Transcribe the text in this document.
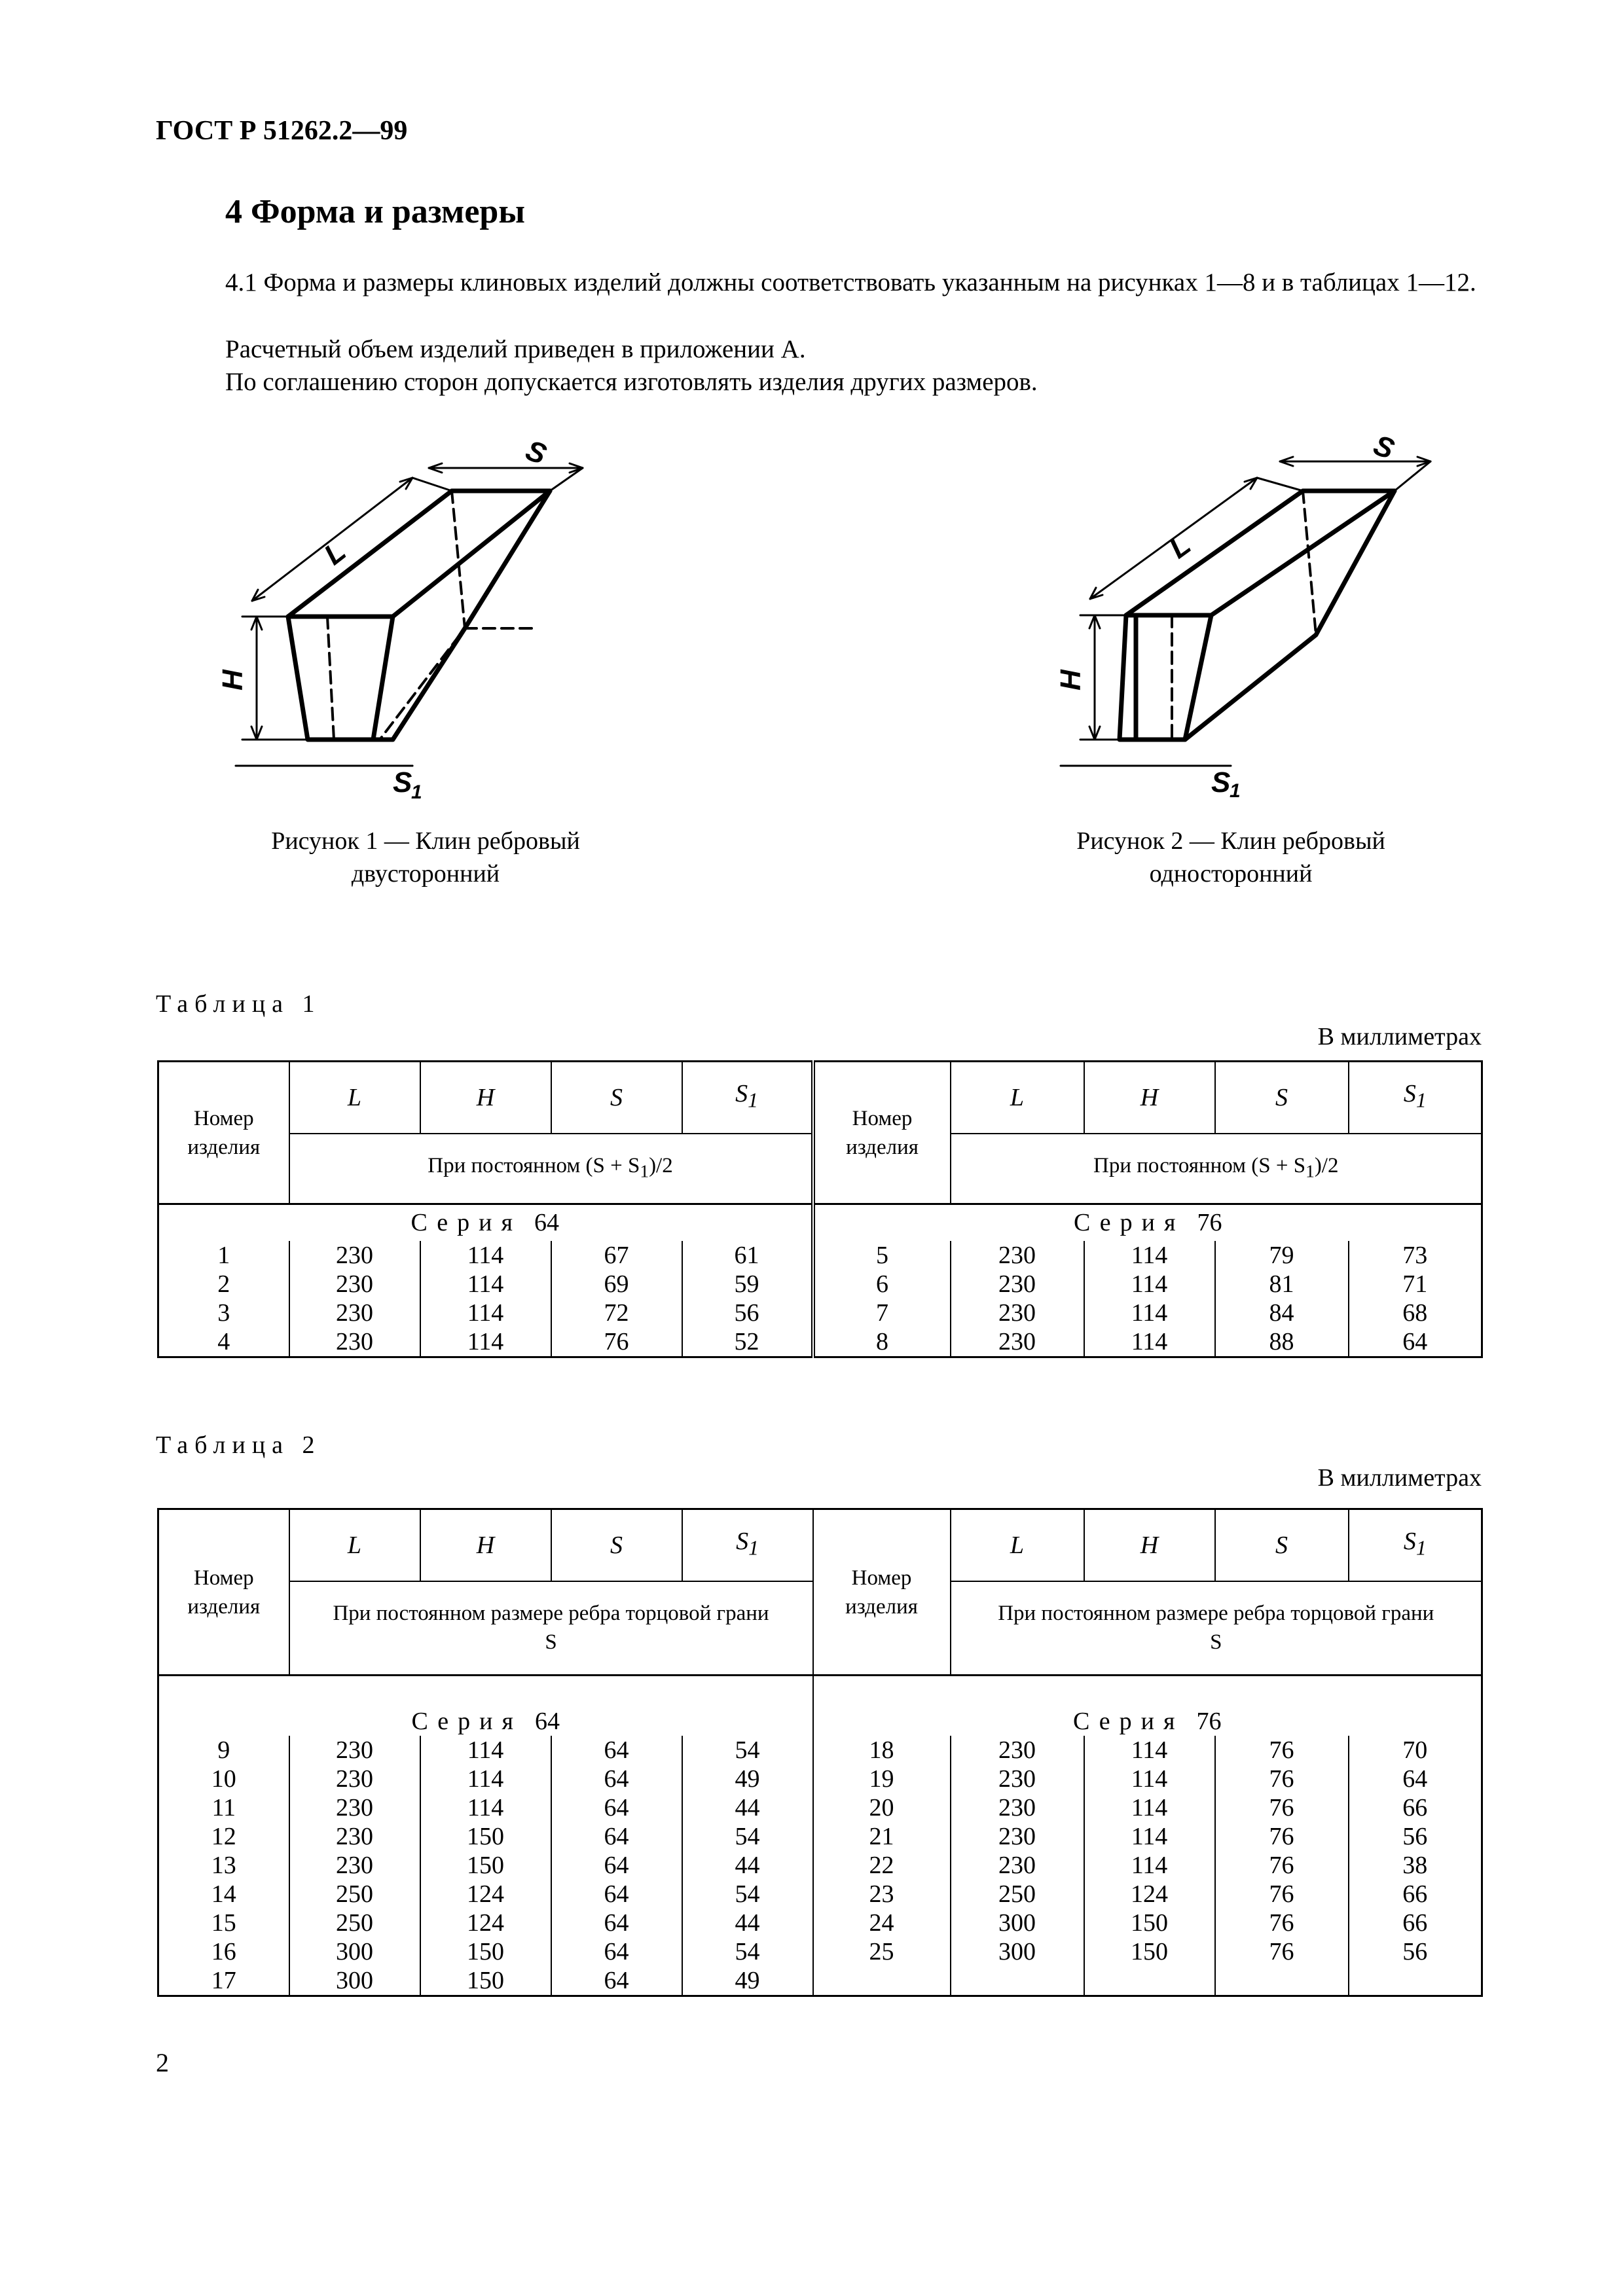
ГОСТ Р 51262.2—99
4 Форма и размеры
4.1 Форма и размеры клиновых изделий должны соответствовать указанным на рисунках 1—8 и в таблицах 1—12.
Расчетный объем изделий приведен в приложении А.
По соглашению сторон допускается изготовлять изделия других размеров.
L
H
S
S
1
Рисунок 1 — Клин ребровый
двусторонний
L
H
S
S
1
Рисунок 2 — Клин ребровый
односторонний
Таблица 1
В миллиметрах
Номер изделия	L	H	S	$S_1$	Номер изделия	L	H	S	$S_1$
	При постоянном $(S + S_1)/2$					При постоянном $(S + S_1)/2$			
Серия 64					Серия 76				
1	230	114	67	61	5	230	114	79	73
2	230	114	69	59	6	230	114	81	71
3	230	114	72	56	7	230	114	84	68
4	230	114	76	52	8	230	114	88	64
Таблица 2
В миллиметрах
Номер изделия	L	H	S	$S_1$	Номер изделия	L	H	S	$S_1$
	При постоянном размере ребра торцовой грани S					При постоянном размере ребра торцовой грани S			
Серия 64					Серия 76				
9	230	114	64	54	18	230	114	76	70
10	230	114	64	49	19	230	114	76	64
11	230	114	64	44	20	230	114	76	66
12	230	150	64	54	21	230	114	76	56
13	230	150	64	44	22	230	114	76	38
14	250	124	64	54	23	250	124	76	66
15	250	124	64	44	24	300	150	76	66
16	300	150	64	54	25	300	150	76	56
17	300	150	64	49					
2
